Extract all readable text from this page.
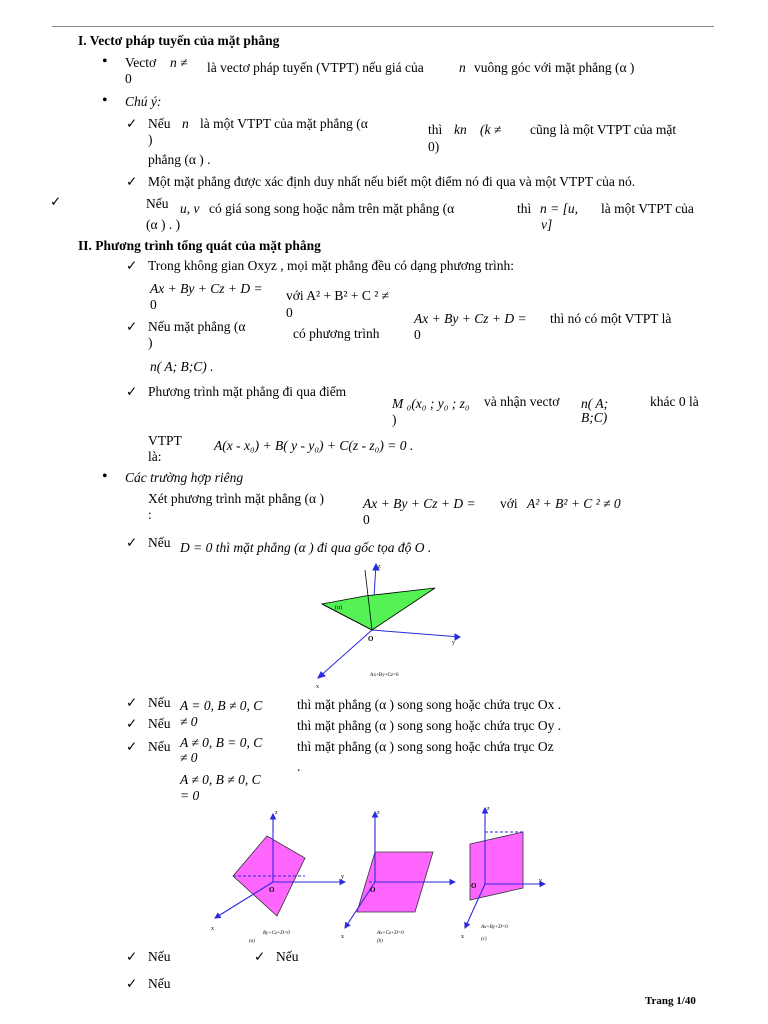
I. Vectơ pháp tuyến của mặt phẳng
•
Vectơ n ≠
0
là vectơ pháp tuyến (VTPT) nếu giá của	n vuông góc với mặt phẳng (α )
•
Chú ý:
✓
Nếu n là một VTPT của mặt phẳng (α
)
thì kn (k ≠
0)
cũng là một VTPT của mặt
phẳng (α ) .
✓
Một mặt phẳng được xác định duy nhất nếu biết một điểm nó đi qua và một VTPT của nó.
✓
Nếu u, v có giá song song hoặc nằm trên mặt phẳng (α	thì n = [u,
v]
là một VTPT của
(α ) . )
II. Phương trình tổng quát của mặt phẳng
✓
Trong không gian Oxyz , mọi mặt phẳng đều có dạng phương trình:
Ax + By + Cz + D =
0
với A² + B² + C ² ≠
0
✓
Nếu mặt phẳng (α
)
có phương trình
Ax + By + Cz + D =
0
thì nó có một VTPT là
n( A; B;C) .
✓
Phương trình mặt phẳng đi qua điểm
M ₀(x₀ ; y₀ ; z₀
)
và nhận vectơ n( A;
B;C)
khác 0 là
VTPT
là:
A(x - x₀) + B( y - y₀) + C(z - z₀) = 0 .
•
Các trường hợp riêng
Xét phương trình mặt phẳng (α )
:
Ax + By + Cz + D =
0
với A² + B² + C ² ≠ 0
✓
Nếu D = 0 thì mặt phẳng (α ) đi qua gốc tọa độ O .
(α)
z
y
x
O
Ax+By+Cz=0
✓
Nếu A = 0, B ≠ 0, C	thì mặt phẳng (α ) song song hoặc chứa trục Ox .
✓
Nếu ≠ 0	thì mặt phẳng (α ) song song hoặc chứa trục Oy .
✓
Nếu A ≠ 0, B = 0, C
≠ 0
thì mặt phẳng (α ) song song hoặc chứa trục Oz
.
A ≠ 0, B ≠ 0, C
= 0
O
By+Cz+D=0
(a)
z
x
y
O
Ax+Cz+D=0
(b)
z
x
O
Ax+By+D=0
(c)
z
x
y
✓
Nếu
✓	Nếu
✓
Nếu
Trang 1/40
